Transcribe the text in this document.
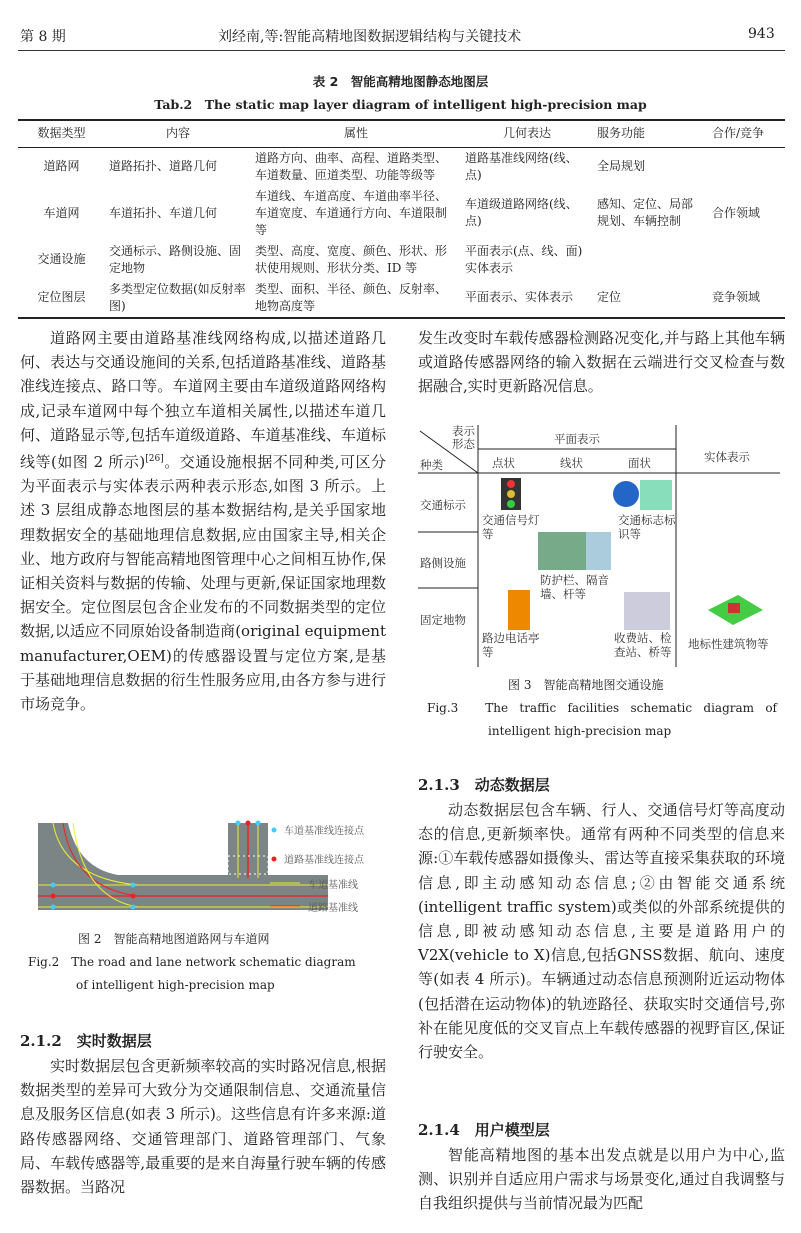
第 8 期	刘经南,等:智能高精地图数据逻辑结构与关键技术	943
表 2　智能高精地图静态地图层
Tab.2　The static map layer diagram of intelligent high-precision map
数据类型	内容	属性	几何表达	服务功能	合作/竞争
道路网	道路拓扑、道路几何	道路方向、曲率、高程、道路类型、车道数量、匝道类型、功能等级等	道路基准线网络(线、点)	全局规划	
车道网	车道拓扑、车道几何	车道线、车道高度、车道曲率半径、车道宽度、车道通行方向、车道限制等	车道级道路网络(线、点)	感知、定位、局部规划、车辆控制	合作领域
交通设施	交通标示、路侧设施、固定地物	类型、高度、宽度、颜色、形状、形状使用规则、形状分类、ID 等	平面表示(点、线、面)实体表示		
定位图层	多类型定位数据(如反射率图)	类型、面积、半径、颜色、反射率、地物高度等	平面表示、实体表示	定位	竞争领域

道路网主要由道路基准线网络构成,以描述道路几何、表达与交通设施间的关系,包括道路基准线、道路基准线连接点、路口等。车道网主要由车道级道路网络构成,记录车道网中每个独立车道相关属性,以描述车道几何、道路显示等,包括车道级道路、车道基准线、车道标线等(如图 2 所示)[26]。交通设施根据不同种类,可区分为平面表示与实体表示两种表示形态,如图 3 所示。上述 3 层组成静态地图层的基本数据结构,是关乎国家地理数据安全的基础地理信息数据,应由国家主导,相关企业、地方政府与智能高精地图管理中心之间相互协作,保证相关资料与数据的传输、处理与更新,保证国家地理数据安全。定位图层包含企业发布的不同数据类型的定位数据,以适应不同原始设备制造商(original equipment manufacturer,OEM)的传感器设置与定位方案,是基于基础地理信息数据的衍生性服务应用,由各方参与进行市场竞争。

车道基准线连接点
道路基准线连接点
车道基准线
道路基准线
图 2　智能高精地图道路网与车道网
Fig.2　The road and lane network schematic diagram
of intelligent high-precision map
2.1.2　实时数据层

实时数据层包含更新频率较高的实时路况信息,根据数据类型的差异可大致分为交通限制信息、交通流量信息及服务区信息(如表 3 所示)。这些信息有许多来源:道路传感器网络、交通管理部门、道路管理部门、气象局、车载传感器等,最重要的是来自海量行驶车辆的传感器数据。当路况

发生改变时车载传感器检测路况变化,并与路上其他车辆或道路传感器网络的输入数据在云端进行交叉检查与数据融合,实时更新路况信息。

表示形态
种类
平面表示
点状	线状	面状	实体表示
交通标示
路侧设施
固定地物
交通信号灯等
交通标志标识等
防护栏、隔音墙、杆等
路边电话亭等
收费站、检查站、桥等
地标性建筑物等
图 3　智能高精地图交通设施
Fig.3　The traffic facilities schematic diagram of
intelligent high-precision map
2.1.3　动态数据层

动态数据层包含车辆、行人、交通信号灯等高度动态的信息,更新频率快。通常有两种不同类型的信息来源:①车载传感器如摄像头、雷达等直接采集获取的环境信息,即主动感知动态信息;②由智能交通系统(intelligent traffic system)或类似的外部系统提供的信息,即被动感知动态信息,主要是道路用户的 V2X(vehicle to X)信息,包括GNSS数据、航向、速度等(如表 4 所示)。车辆通过动态信息预测附近运动物体(包括潜在运动物体)的轨迹路径、获取实时交通信号,弥补在能见度低的交叉盲点上车载传感器的视野盲区,保证行驶安全。

2.1.4　用户模型层

智能高精地图的基本出发点就是以用户为中心,监测、识别并自适应用户需求与场景变化,通过自我调整与自我组织提供与当前情况最为匹配
